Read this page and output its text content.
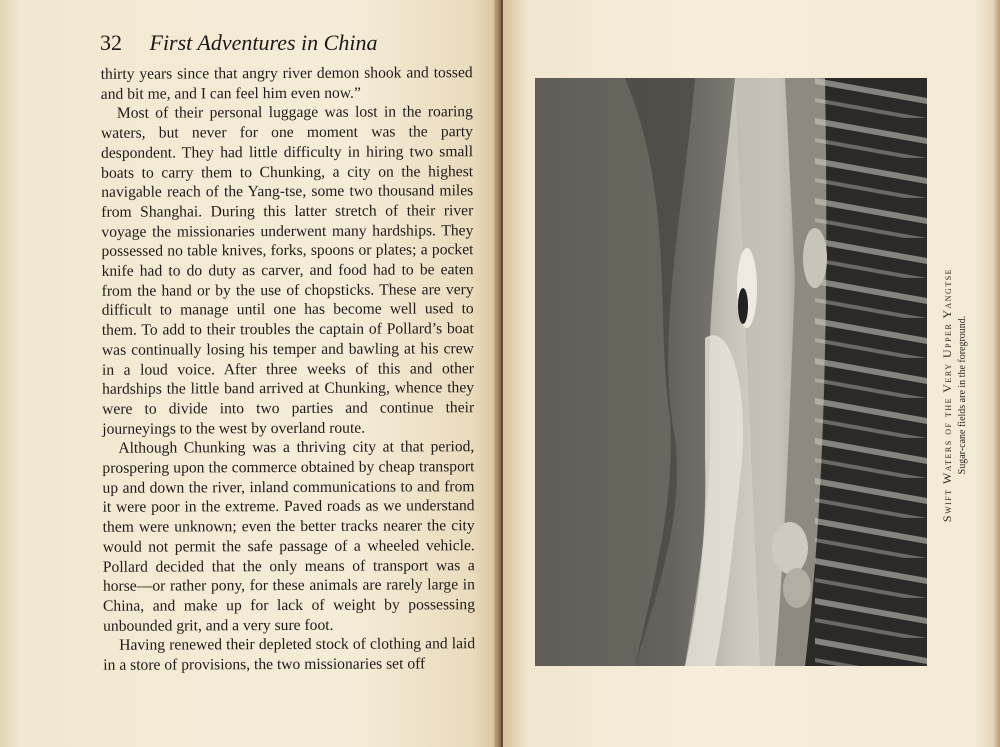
32 First Adventures in China

thirty years since that angry river demon shook and tossed and bit me, and I can feel him even now.”

Most of their personal luggage was lost in the roaring waters, but never for one moment was the party despondent. They had little difficulty in hiring two small boats to carry them to Chunking, a city on the highest navigable reach of the Yang-tse, some two thousand miles from Shanghai. During this latter stretch of their river voyage the missionaries underwent many hardships. They possessed no table knives, forks, spoons or plates; a pocket knife had to do duty as carver, and food had to be eaten from the hand or by the use of chopsticks. These are very difficult to manage until one has become well used to them. To add to their troubles the captain of Pollard’s boat was continually losing his temper and bawling at his crew in a loud voice. After three weeks of this and other hardships the little band arrived at Chunking, whence they were to divide into two parties and continue their journeyings to the west by overland route.

Although Chunking was a thriving city at that period, prospering upon the commerce obtained by cheap transport up and down the river, inland communications to and from it were poor in the extreme. Paved roads as we understand them were unknown; even the better tracks nearer the city would not permit the safe passage of a wheeled vehicle. Pollard decided that the only means of transport was a horse—or rather pony, for these animals are rarely large in China, and make up for lack of weight by possessing unbounded grit, and a very sure foot.

Having renewed their depleted stock of clothing and laid in a store of provisions, the two missionaries set off

Swift Waters of the Very Upper Yangtse Sugar-cane fields are in the foreground.
